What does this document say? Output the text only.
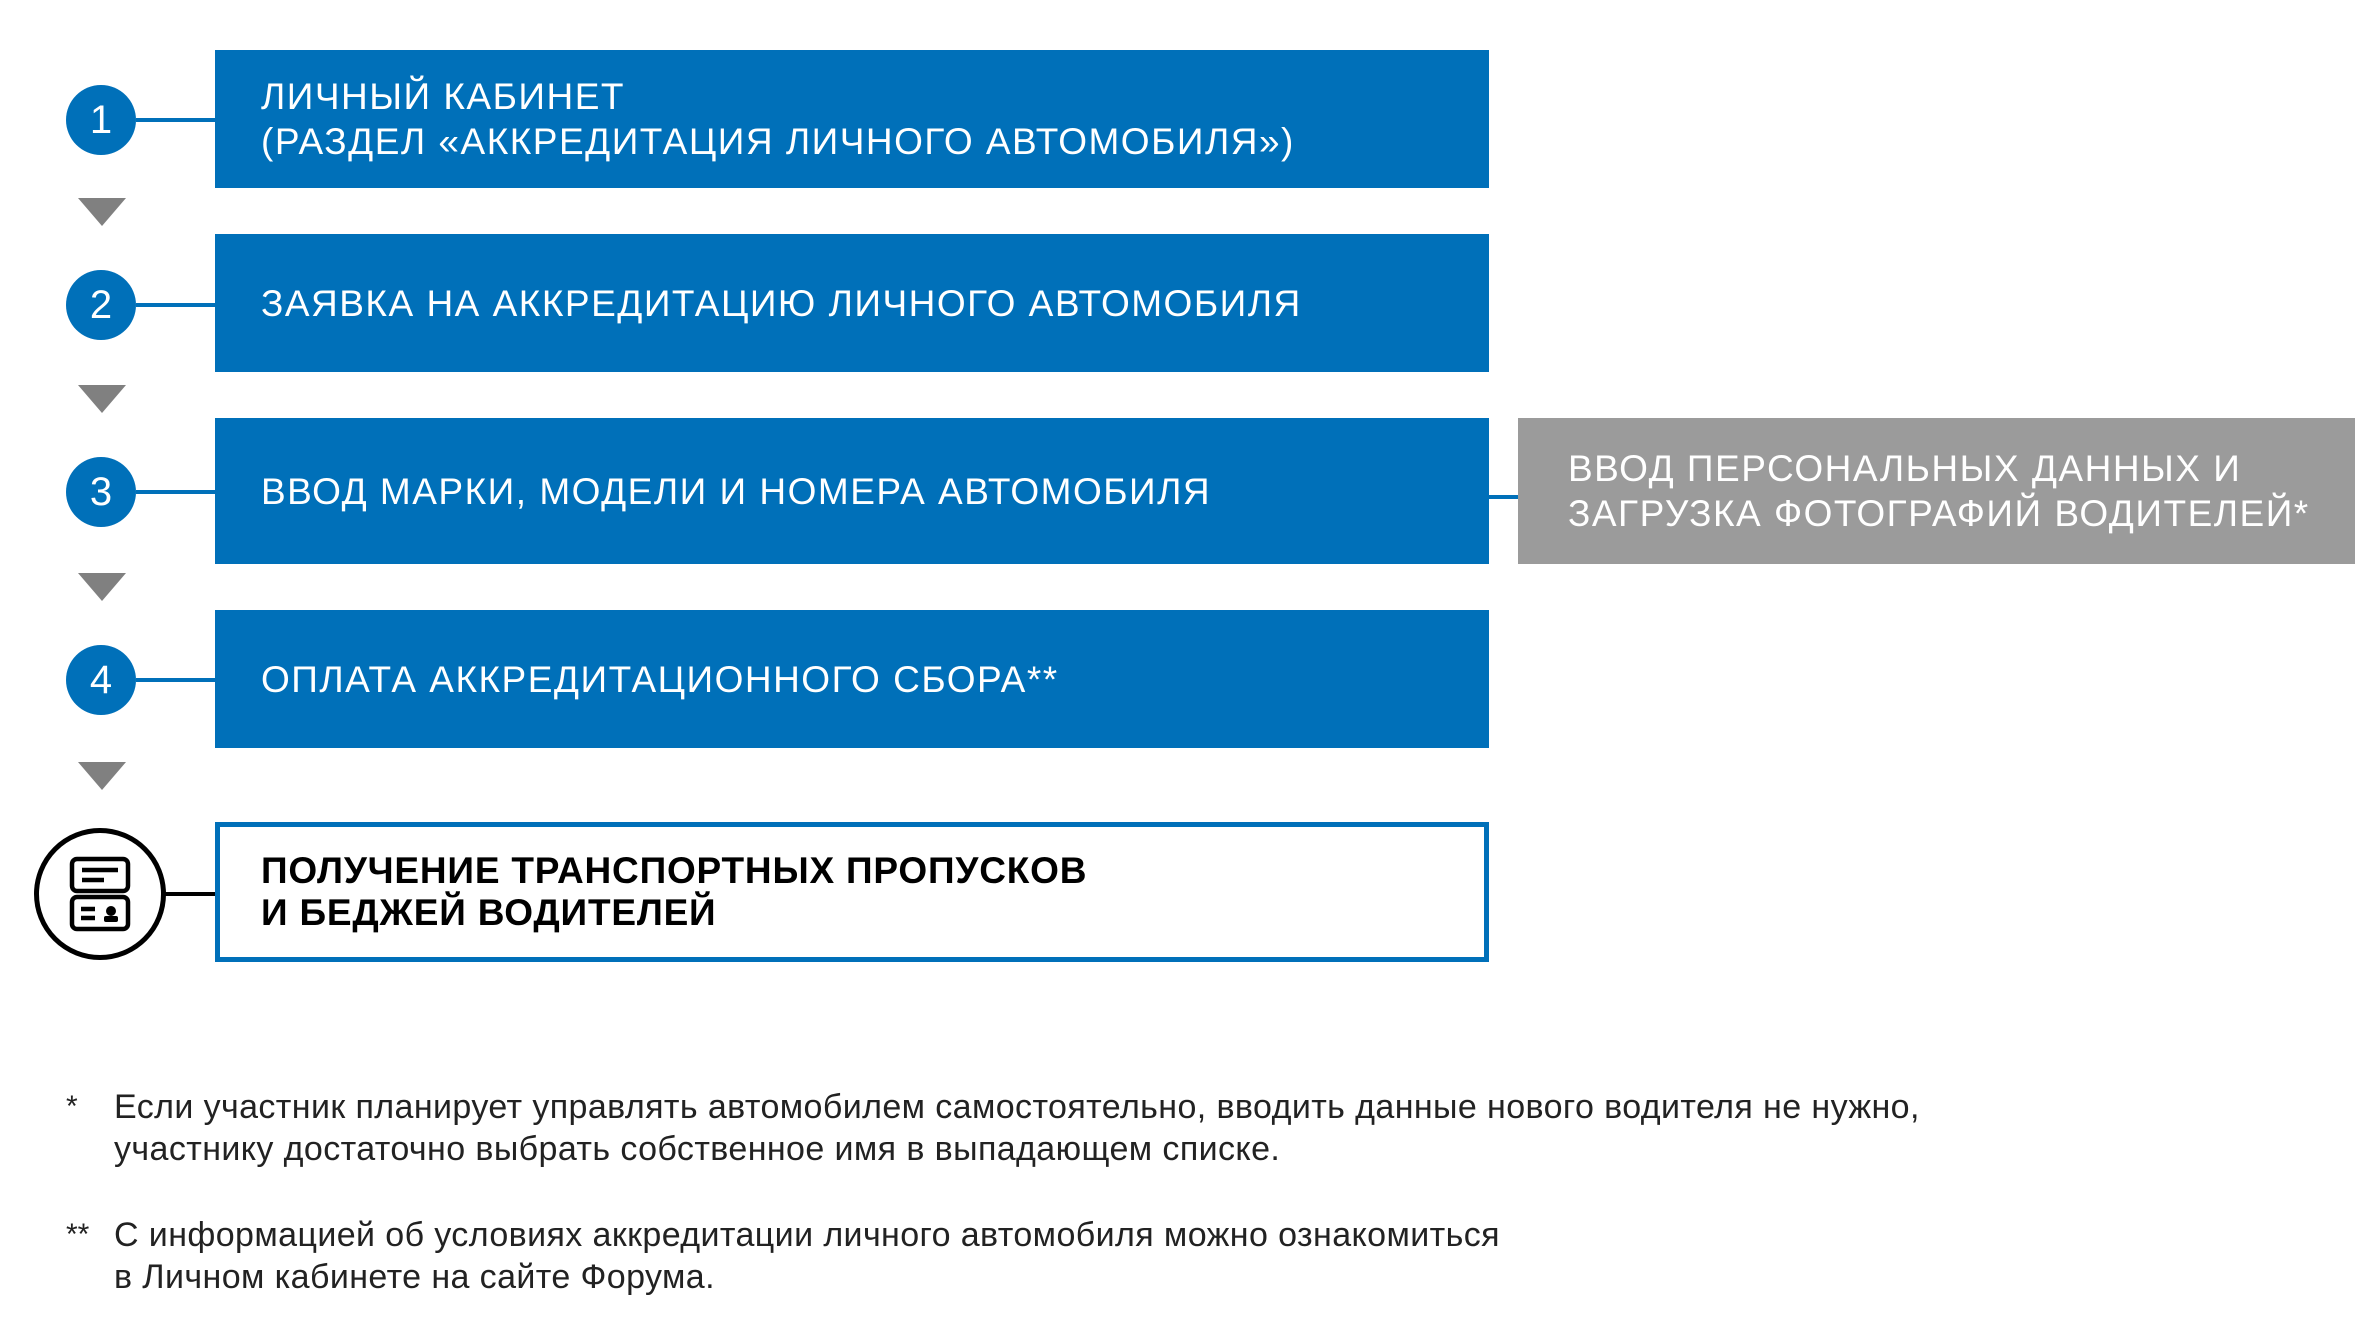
1
ЛИЧНЫЙ КАБИНЕТ
(РАЗДЕЛ «АККРЕДИТАЦИЯ ЛИЧНОГО АВТОМОБИЛЯ»)
2	ЗАЯВКА НА АККРЕДИТАЦИЮ ЛИЧНОГО АВТОМОБИЛЯ
3	ВВОД МАРКИ, МОДЕЛИ И НОМЕРА АВТОМОБИЛЯ
ВВОД ПЕРСОНАЛЬНЫХ ДАННЫХ И
ЗАГРУЗКА ФОТОГРАФИЙ ВОДИТЕЛЕЙ*
4	ОПЛАТА АККРЕДИТАЦИОННОГО СБОРА**
ПОЛУЧЕНИЕ ТРАНСПОРТНЫХ ПРОПУСКОВ
И БЕДЖЕЙ ВОДИТЕЛЕЙ
* Если участник планирует управлять автомобилем самостоятельно, вводить данные нового водителя не нужно,
участнику достаточно выбрать собственное имя в выпадающем списке.
** С информацией об условиях аккредитации личного автомобиля можно ознакомиться
в Личном кабинете на сайте Форума.
